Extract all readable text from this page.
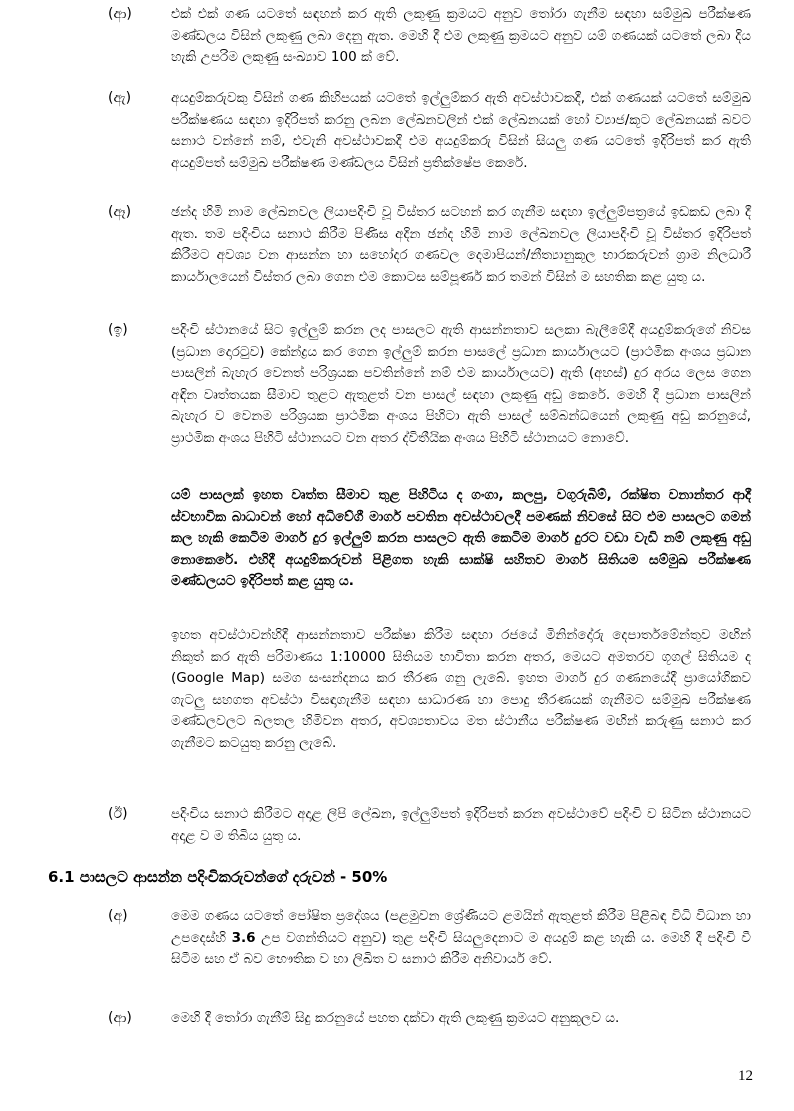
(ආ)	එක් එක් ගණ යටතේ සඳහන් කර ඇති ලකුණු ක්‍රමයට අනුව තෝරා ගැනීම සඳහා සම්මුඛ පරීක්ෂණ මණ්ඩලය විසින් ලකුණු ලබා දෙනු ඇත. මෙහි දී එම ලකුණු ක්‍රමයට අනුව යම් ගණයක් යටතේ ලබා දිය හැකි උපරිම ලකුණු සංඛ්‍යාව 100 ක් වේ.

(ඇ)	අයදුම්කරුවකු විසින් ගණ කිහිපයක් යටතේ ඉල්ලුම්කර ඇති අවස්ථාවකදී, එක් ගණයක් යටතේ සම්මුඛ පරීක්ෂණය සඳහා ඉදිරිපත් කරනු ලබන ලේඛනවලින් එක් ලේඛනයක් හෝ ව්‍යාජ/කූට ලේඛනයක් බවට සනාථ වන්නේ නම්, එවැනි අවස්ථාවකදී එම අයදුම්කරු විසින් සියලු ගණ යටතේ ඉදිරිපත් කර ඇති අයදුම්පත් සම්මුඛ පරීක්ෂණ මණ්ඩලය විසින් ප්‍රතික්ෂේප කෙරේ.

(ඈ)	ඡන්ද හිමි නාම ලේඛනවල ලියාපදිංචි වූ විස්තර සටහන් කර ගැනීම සඳහා ඉල්ලුම්පත්‍රයේ ඉඩකඩ ලබා දී ඇත. තම පදිංචිය සනාථ කිරීම පිණිස අදින ඡන්ද හිමි නාම ලේඛනවල ලියාපදිංචි වූ විස්තර ඉදිරිපත් කිරීමට අවශ්‍ය වන ආසන්න හා සහෝදර ගණවල දෙමාපියන්/නීත්‍යානුකූල භාරකරුවන් ග්‍රාම නිලධාරී කාර්යාලයෙන් විස්තර ලබා ගෙන එම කොටස සම්පූර්ණ කර තමන් විසින් ම සහතික කළ යුතු ය.

(ඉ)	පදිංචි ස්ථානයේ සිට ඉල්ලුම් කරන ලද පාසලට ඇති ආසන්නතාව සලකා බැලීමේදී අයදුම්කරුගේ නිවස (ප්‍රධාන දොරටුව) කේන්ද්‍රය කර ගෙන ඉල්ලුම් කරන පාසලේ ප්‍රධාන කාර්යාලයට (ප්‍රාථමික අංශය ප්‍රධාන පාසලින් බැහැර වෙනත් පරිශ්‍රයක පවතින්නේ නම් එම කාර්යාලයට) ඇති (අහස්) දුර අරය ලෙස ගෙන අඳින වෘත්තයක සීමාව තුළට ඇතුළත් වන පාසල් සඳහා ලකුණු අඩු කෙරේ. මෙහි දී ප්‍රධාන පාසලින් බැහැර ව වෙනම පරිශ්‍රයක ප්‍රාථමික අංශය පිහිටා ඇති පාසල් සම්බන්ධයෙන් ලකුණු අඩු කරනුයේ, ප්‍රාථමික අංශය පිහිටි ස්ථානයට වන අතර ද්විතීයික අංශය පිහිටි ස්ථානයට නොවේ.

යම් පාසලක් ඉහත වෘත්ත සීමාව තුළ පිහිටිය ද ගංගා, කලපු, වගුරුබිම්, රක්ෂිත වනාන්තර ආදී ස්වභාවික බාධාවන් හෝ අධිවේගී මාර්ග පවතින අවස්ථාවලදී පමණක් නිවසේ සිට එම පාසලට ගමන් කල හැකි කෙටිම මාර්ග දුර ඉල්ලුම් කරන පාසලට ඇති කෙටිම මාර්ග දුරට වඩා වැඩි නම් ලකුණු අඩු නොකෙරේ. එහිදී අයදුම්කරුවන් පිළිගත හැකි සාක්ෂි සහිතව මාර්ග සිතියම සම්මුඛ පරීක්ෂණ මණ්ඩලයට ඉදිරිපත් කළ යුතු ය.

ඉහත අවස්ථාවන්හිදී ආසන්නතාව පරීක්ෂා කිරීම සඳහා රජයේ මිනින්දෝරු දෙපාර්තමේන්තුව මඟින් නිකුත් කර ඇති පරිමාණය 1:10000 සිතියම භාවිතා කරන අතර, මෙයට අමතරව ගූගල් සිතියම ද (Google Map) සමග සංසන්දනය කර තීරණ ගනු ලැබේ. ඉහත මාර්ග දුර ගණනයේදී ප්‍රායෝගිකව ගැටලු සහගත අවස්ථා විසඳාගැනීම සඳහා සාධාරණ හා පොදු තීරණයක් ගැනීමට සම්මුඛ පරීක්ෂණ මණ්ඩලවලට බලතල හිමිවන අතර, අවශ්‍යතාවය මත ස්ථානීය පරීක්ෂණ මඟින් කරුණු සනාථ කර ගැනීමට කටයුතු කරනු ලැබේ.

(ඊ)	පදිංචිය සනාථ කිරීමට අදාළ ලිපි ලේඛන, ඉල්ලුම්පත් ඉදිරිපත් කරන අවස්ථාවේ පදිංචි ව සිටින ස්ථානයට අදාළ ව ම තිබිය යුතු ය.

6.1 පාසලට ආසන්න පදිංචිකරුවන්ගේ දරුවන් - 50%
(අ)	මෙම ගණය යටතේ පෝෂිත ප්‍රදේශය (පළමුවන ශ්‍රේණියට ළමයින් ඇතුළත් කිරීම පිළිබඳ විධි විධාන හා උපදෙස්හි 3.6 උප වගන්තියට අනුව) තුළ පදිංචි සියලුදෙනාට ම අයදුම් කළ හැකි ය. මෙහි දී පදිංචි වී සිටීම සහ ඒ බව භෞතික ව හා ලිඛිත ව සනාථ කිරීම අනිවාර්ය වේ.

(ආ)	මෙහි දී තෝරා ගැනීම් සිදු කරනුයේ පහත දක්වා ඇති ලකුණු ක්‍රමයට අනුකූලව ය.

12
